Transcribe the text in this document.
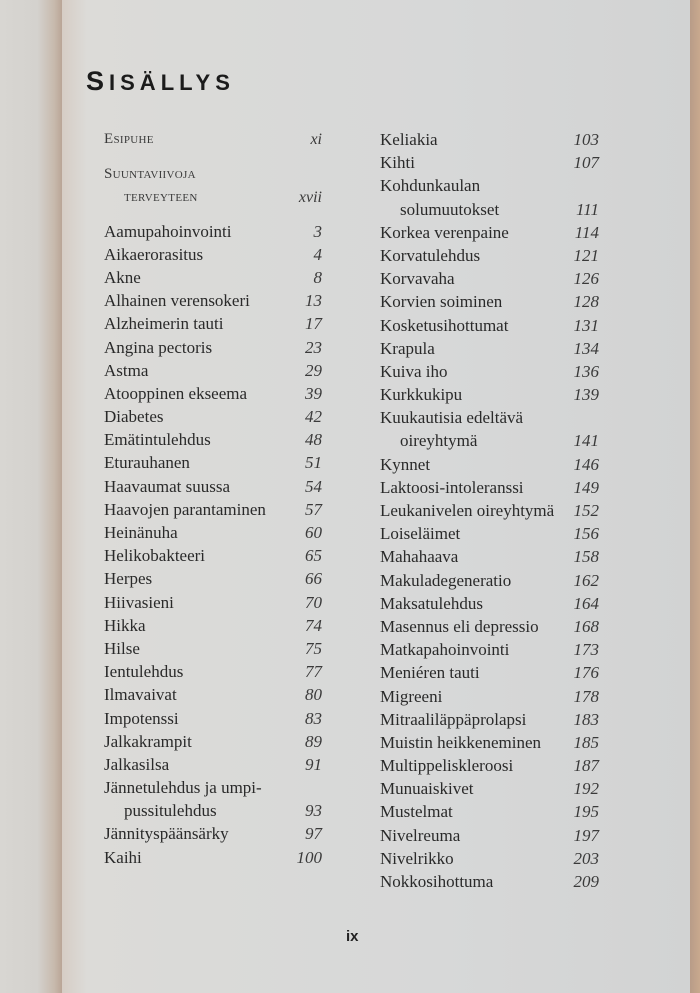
SISÄLLYS
Esipuhe	xi
Suuntaviivoja
terveyteen	xvii
Aamupahoinvointi	3
Aikaerorasitus	4
Akne	8
Alhainen verensokeri	13
Alzheimerin tauti	17
Angina pectoris	23
Astma	29
Atooppinen ekseema	39
Diabetes	42
Emätintulehdus	48
Eturauhanen	51
Haavaumat suussa	54
Haavojen parantaminen 57
Heinänuha	60
Helikobakteeri	65
Herpes	66
Hiivasieni	70
Hikka	74
Hilse	75
Ientulehdus	77
Ilmavaivat	80
Impotenssi	83
Jalkakrampit	89
Jalkasilsa	91
Jännetulehdus ja umpi-
pussitulehdus	93
Jännityspäänsärky	97
Kaihi	100
Keliakia	103
Kihti	107
Kohdunkaulan
solumuutokset	111
Korkea verenpaine	114
Korvatulehdus	121
Korvavaha	126
Korvien soiminen	128
Kosketusihottumat	131
Krapula	134
Kuiva iho	136
Kurkkukipu	139
Kuukautisia edeltävä
oireyhtymä	141
Kynnet	146
Laktoosi-intoleranssi	149
Leukanivelen oireyhtymä 152
Loiseläimet	156
Mahahaava	158
Makuladegeneratio	162
Maksatulehdus	164
Masennus eli depressio 168
Matkapahoinvointi	173
Meniéren tauti	176
Migreeni	178
Mitraaliläppäprolapsi	183
Muistin heikkeneminen 185
Multippeliskleroosi	187
Munuaiskivet	192
Mustelmat	195
Nivelreuma	197
Nivelrikko	203
Nokkosihottuma	209
ix
